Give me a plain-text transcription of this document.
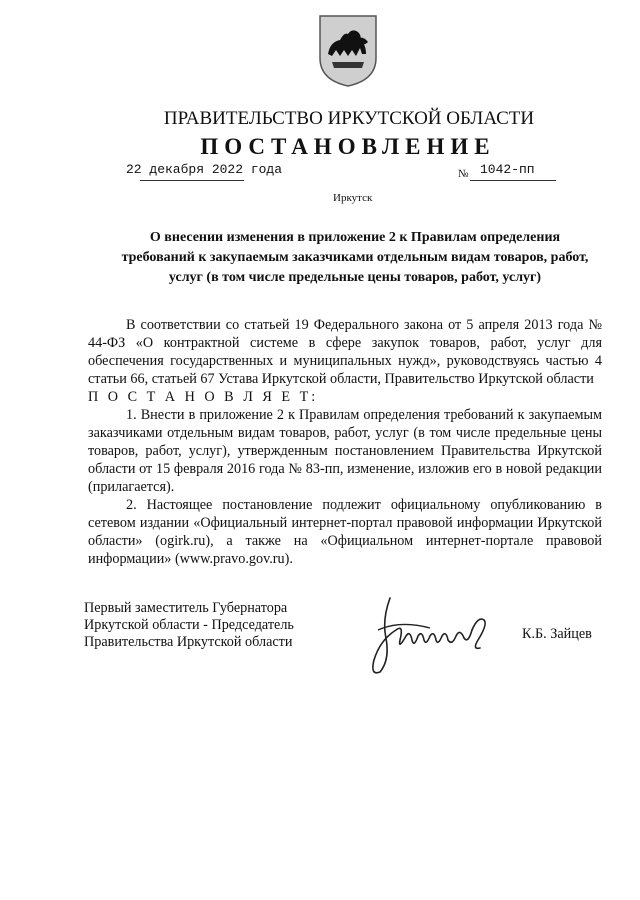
ПРАВИТЕЛЬСТВО ИРКУТСКОЙ ОБЛАСТИ
ПОСТАНОВЛЕНИЕ
22 декабря 2022 года	№ 1042-пп
Иркутск
О внесении изменения в приложение 2 к Правилам определения требований к закупаемым заказчиками отдельным видам товаров, работ, услуг (в том числе предельные цены товаров, работ, услуг)

В соответствии со статьей 19 Федерального закона от 5 апреля 2013 года № 44-ФЗ «О контрактной системе в сфере закупок товаров, работ, услуг для обеспечения государственных и муниципальных нужд», руководствуясь частью 4 статьи 66, статьей 67 Устава Иркутской области, Правительство Иркутской области

П О С Т А Н О В Л Я Е Т:

1. Внести в приложение 2 к Правилам определения требований к закупаемым заказчиками отдельным видам товаров, работ, услуг (в том числе предельные цены товаров, работ, услуг), утвержденным постановлением Правительства Иркутской области от 15 февраля 2016 года № 83-пп, изменение, изложив его в новой редакции (прилагается).

2. Настоящее постановление подлежит официальному опубликованию в сетевом издании «Официальный интернет-портал правовой информации Иркутской области» (ogirk.ru), а также на «Официальном интернет-портале правовой информации» (www.pravo.gov.ru).

Первый заместитель Губернатора
Иркутской области - Председатель
Правительства Иркутской области	К.Б. Зайцев
